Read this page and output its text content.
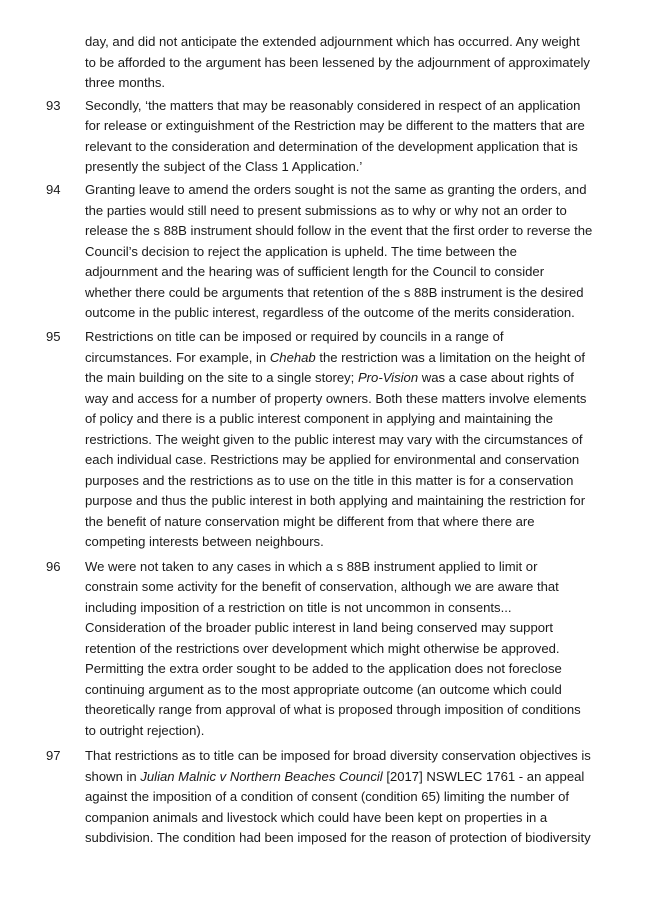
day, and did not anticipate the extended adjournment which has occurred. Any weight
to be afforded to the argument has been lessened by the adjournment of approximately
three months.
93 Secondly, ‘the matters that may be reasonably considered in respect of an application
for release or extinguishment of the Restriction may be different to the matters that are
relevant to the consideration and determination of the development application that is
presently the subject of the Class 1 Application.’
94 Granting leave to amend the orders sought is not the same as granting the orders, and
the parties would still need to present submissions as to why or why not an order to
release the s 88B instrument should follow in the event that the first order to reverse the
Council’s decision to reject the application is upheld. The time between the
adjournment and the hearing was of sufficient length for the Council to consider
whether there could be arguments that retention of the s 88B instrument is the desired
outcome in the public interest, regardless of the outcome of the merits consideration.
95 Restrictions on title can be imposed or required by councils in a range of
circumstances. For example, in Chehab the restriction was a limitation on the height of
the main building on the site to a single storey; Pro-Vision was a case about rights of
way and access for a number of property owners. Both these matters involve elements
of policy and there is a public interest component in applying and maintaining the
restrictions. The weight given to the public interest may vary with the circumstances of
each individual case. Restrictions may be applied for environmental and conservation
purposes and the restrictions as to use on the title in this matter is for a conservation
purpose and thus the public interest in both applying and maintaining the restriction for
the benefit of nature conservation might be different from that where there are
competing interests between neighbours.
96 We were not taken to any cases in which a s 88B instrument applied to limit or
constrain some activity for the benefit of conservation, although we are aware that
including imposition of a restriction on title is not uncommon in consents...
Consideration of the broader public interest in land being conserved may support
retention of the restrictions over development which might otherwise be approved.
Permitting the extra order sought to be added to the application does not foreclose
continuing argument as to the most appropriate outcome (an outcome which could
theoretically range from approval of what is proposed through imposition of conditions
to outright rejection).
97 That restrictions as to title can be imposed for broad diversity conservation objectives is
shown in Julian Malnic v Northern Beaches Council [2017] NSWLEC 1761 - an appeal
against the imposition of a condition of consent (condition 65) limiting the number of
companion animals and livestock which could have been kept on properties in a
subdivision. The condition had been imposed for the reason of protection of biodiversity
